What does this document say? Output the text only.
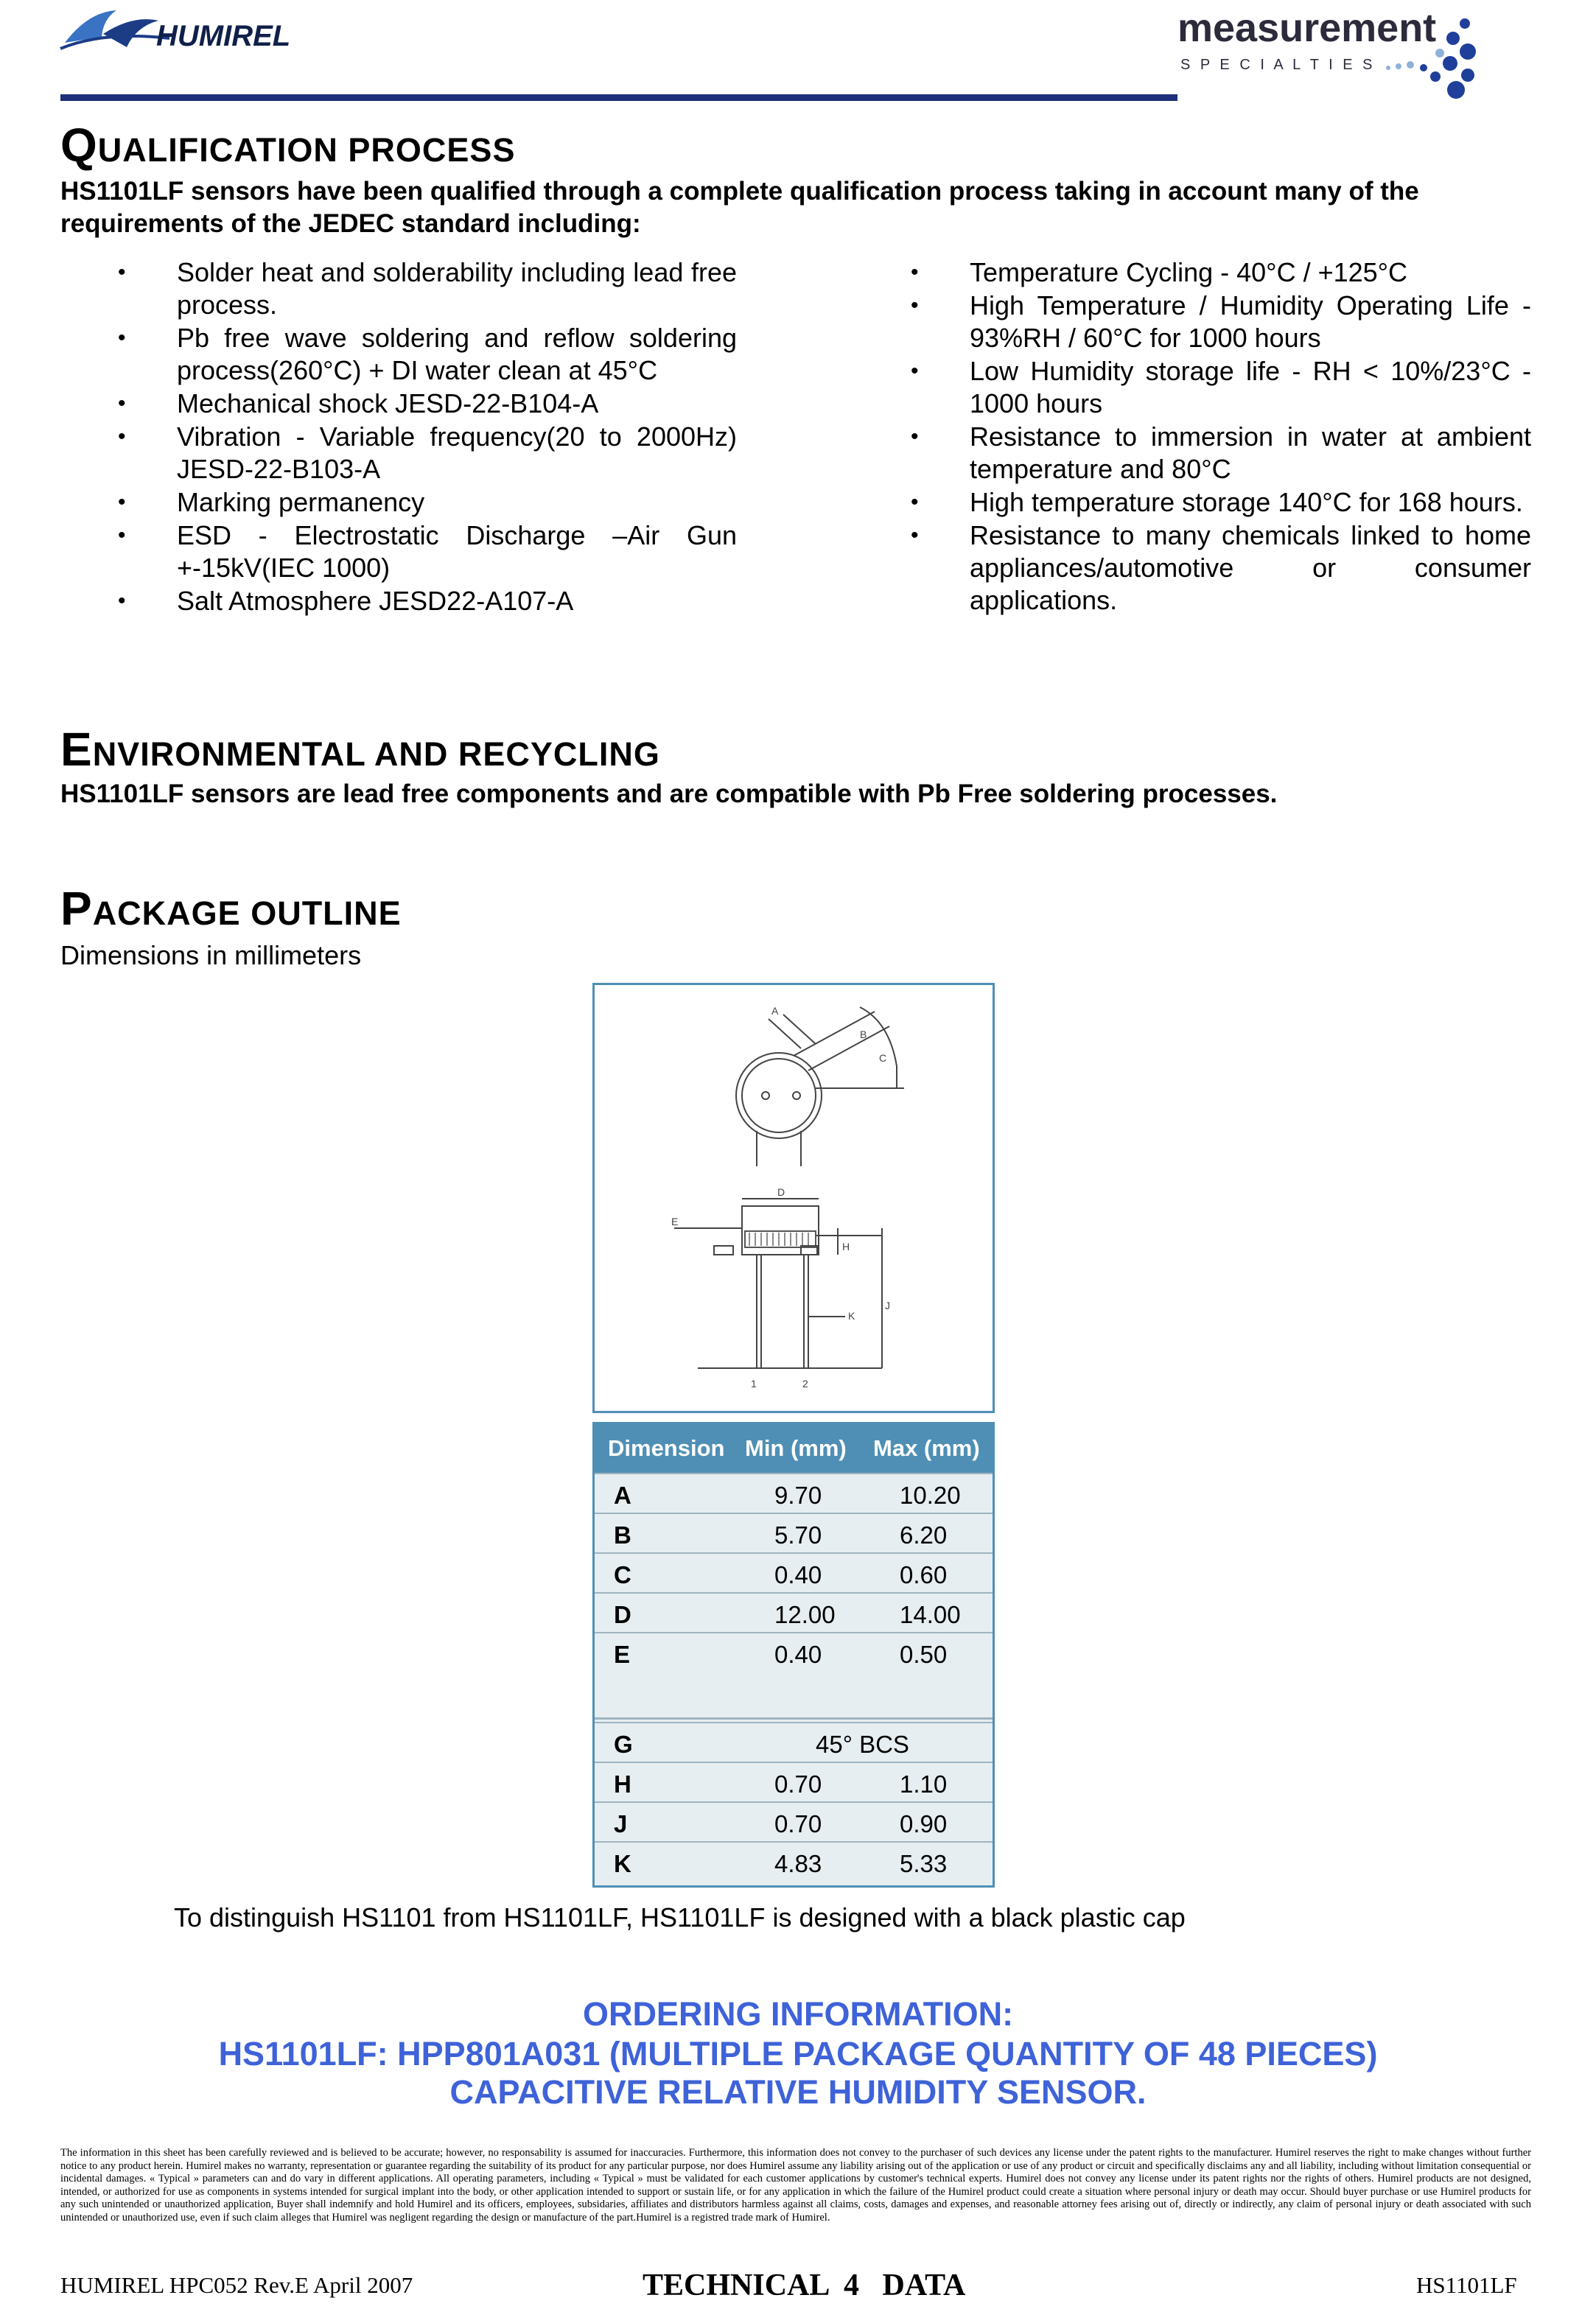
HUMIREL	measurement
S P E C I A L T I E S
QUALIFICATION PROCESS
HS1101LF sensors have been qualified through a complete qualification process taking in account many of the requirements of the JEDEC standard including:
• Solder heat and solderability including lead free process.
• Pb free wave soldering and reflow soldering process(260°C) + DI water clean at 45°C
• Mechanical shock JESD-22-B104-A
• Vibration - Variable frequency(20 to 2000Hz) JESD-22-B103-A
• Marking permanency
• ESD - Electrostatic Discharge –Air Gun +-15kV(IEC 1000)
• Salt Atmosphere JESD22-A107-A
• Temperature Cycling - 40°C / +125°C
• High Temperature / Humidity Operating Life - 93%RH / 60°C for 1000 hours
• Low Humidity storage life - RH < 10%/23°C - 1000 hours
• Resistance to immersion in water at ambient temperature and 80°C
• High temperature storage 140°C for 168 hours.
• Resistance to many chemicals linked to home appliances/automotive or consumer applications.
ENVIRONMENTAL AND RECYCLING
HS1101LF sensors are lead free components and are compatible with Pb Free soldering processes.
PACKAGE OUTLINE
Dimensions in millimeters
A
B
C
D
E
H
J
K
1	2
Dimension Min (mm) Max (mm)
A	9.70	10.20
B	5.70	6.20
C	0.40	0.60
D	12.00	14.00
E	0.40	0.50
G	45° BCS
H	0.70	1.10
J	0.70	0.90
K	4.83	5.33
To distinguish HS1101 from HS1101LF, HS1101LF is designed with a black plastic cap
ORDERING INFORMATION:
HS1101LF: HPP801A031 (MULTIPLE PACKAGE QUANTITY OF 48 PIECES)
CAPACITIVE RELATIVE HUMIDITY SENSOR.
The information in this sheet has been carefully reviewed and is believed to be accurate; however, no responsability is assumed for inaccuracies. Furthermore, this information does not convey to the purchaser of such devices any license under the patent rights to the manufacturer. Humirel reserves the right to make changes without further notice to any product herein. Humirel makes no warranty, representation or guarantee regarding the suitability of its product for any particular purpose, nor does Humirel assume any liability arising out of the application or use of any product or circuit and specifically disclaims any and all liability, including without limitation consequential or incidental damages. « Typical » parameters can and do vary in different applications. All operating parameters, including « Typical » must be validated for each customer applications by customer's technical experts. Humirel does not convey any license under its patent rights nor the rights of others. Humirel products are not designed, intended, or authorized for use as components in systems intended for surgical implant into the body, or other application intended to support or sustain life, or for any application in which the failure of the Humirel product could create a situation where personal injury or death may occur. Should buyer purchase or use Humirel products for any such unintended or unauthorized application, Buyer shall indemnify and hold Humirel and its officers, employees, subsidaries, affiliates and distributors harmless against all claims, costs, damages and expenses, and reasonable attorney fees arising out of, directly or indirectly, any claim of personal injury or death associated with such unintended or unauthorized use, even if such claim alleges that Humirel was negligent regarding the design or manufacture of the part.Humirel is a registred trade mark of Humirel.
HUMIREL HPC052 Rev.E April 2007	TECHNICAL  4   DATA	HS1101LF
